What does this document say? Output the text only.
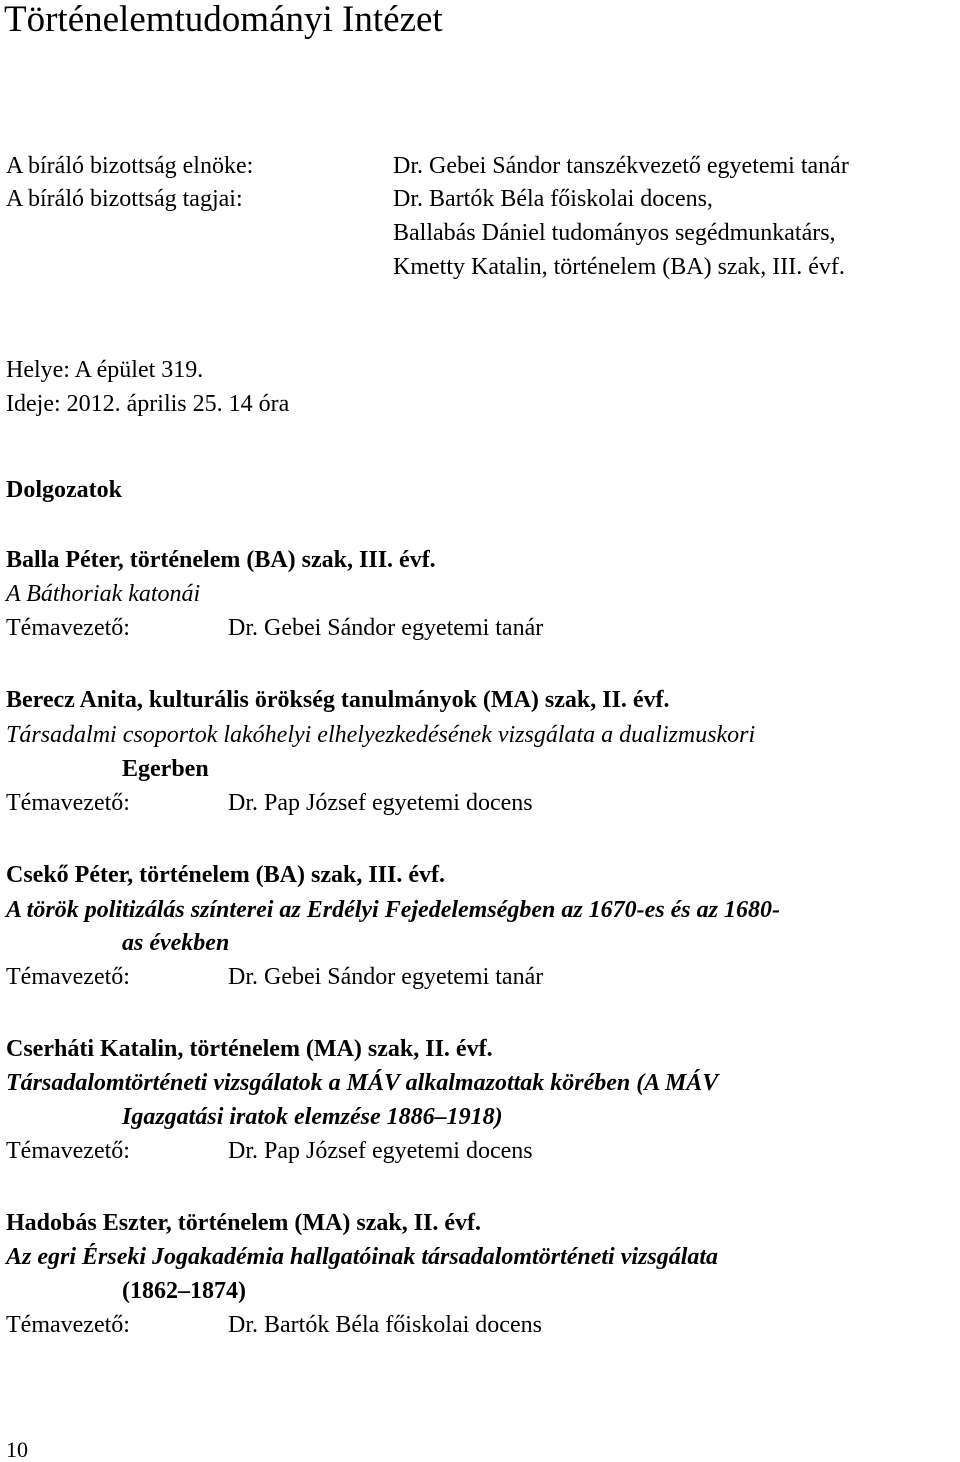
Történelemtudományi Intézet
A bíráló bizottság elnöke:	Dr. Gebei Sándor tanszékvezető egyetemi tanár
A bíráló bizottság tagjai:	Dr. Bartók Béla főiskolai docens,
Ballabás Dániel tudományos segédmunkatárs,
Kmetty Katalin, történelem (BA) szak, III. évf.
Helye: A épület 319.
Ideje: 2012. április 25. 14 óra
Dolgozatok
Balla Péter, történelem (BA) szak, III. évf.
A Báthoriak katonái
Témavezető:	Dr. Gebei Sándor egyetemi tanár
Berecz Anita, kulturális örökség tanulmányok (MA) szak, II. évf.
Társadalmi csoportok lakóhelyi elhelyezkedésének vizsgálata a dualizmuskori
Egerben
Témavezető:	Dr. Pap József egyetemi docens
Csekő Péter, történelem (BA) szak, III. évf.
A török politizálás színterei az Erdélyi Fejedelemségben az 1670-es és az 1680-
as években
Témavezető:	Dr. Gebei Sándor egyetemi tanár
Cserháti Katalin, történelem (MA) szak, II. évf.
Társadalomtörténeti vizsgálatok a MÁV alkalmazottak körében (A MÁV
Igazgatási iratok elemzése 1886–1918)
Témavezető:	Dr. Pap József egyetemi docens
Hadobás Eszter, történelem (MA) szak, II. évf.
Az egri Érseki Jogakadémia hallgatóinak társadalomtörténeti vizsgálata
(1862–1874)
Témavezető:	Dr. Bartók Béla főiskolai docens
10
